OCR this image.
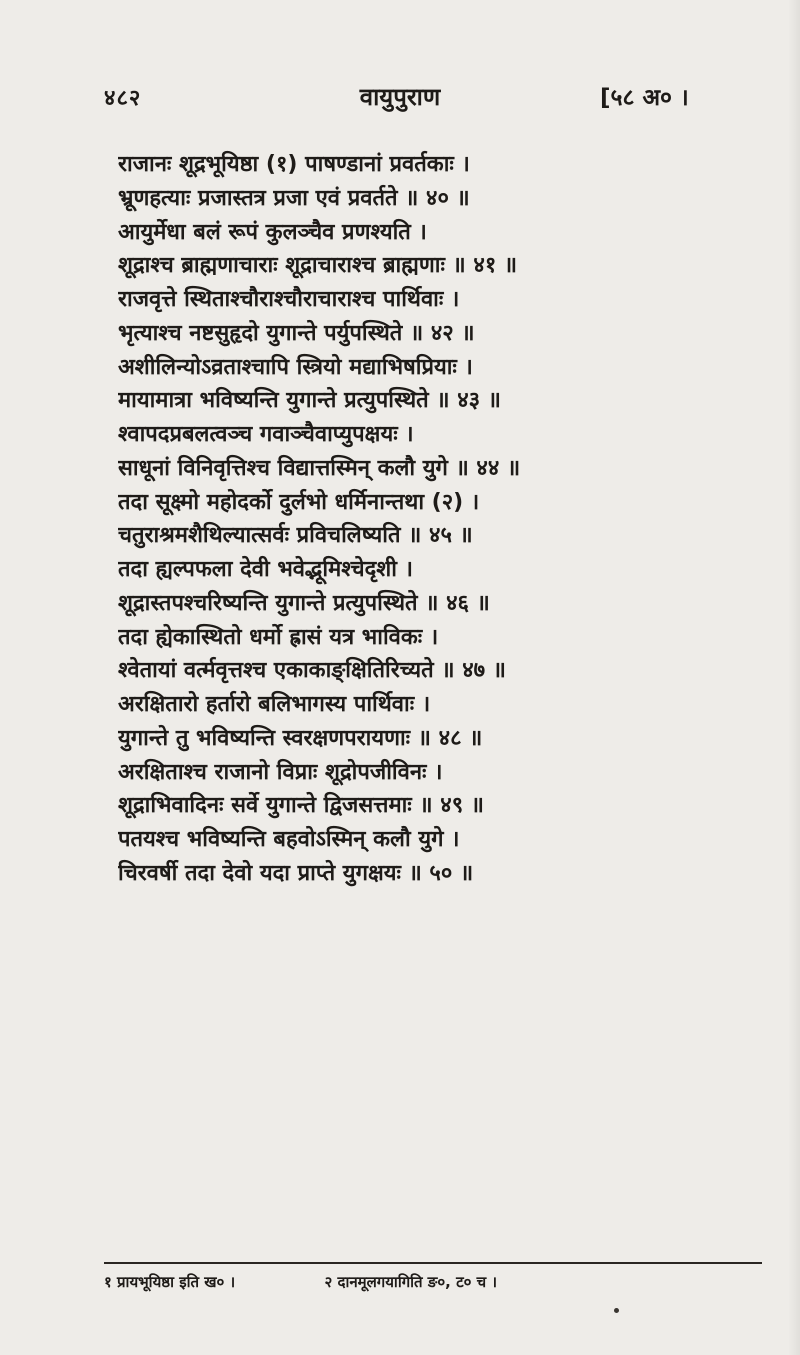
४८२	वायुपुराण	[५८ अ० ।
राजानः शूद्रभूयिष्ठा (१) पाषण्डानां प्रवर्तकाः ।
भ्रूणहत्याः प्रजास्तत्र प्रजा एवं प्रवर्तते ॥ ४० ॥
आयुर्मेधा बलं रूपं कुलञ्चैव प्रणश्यति ।
शूद्राश्च ब्राह्मणाचाराः शूद्राचाराश्च ब्राह्मणाः ॥ ४१ ॥
राजवृत्ते स्थिताश्चौराश्चौराचाराश्च पार्थिवाः ।
भृत्याश्च नष्टसुहृदो युगान्ते पर्युपस्थिते ॥ ४२ ॥
अशीलिन्योऽव्रताश्चापि स्त्रियो मद्याभिषप्रियाः ।
मायामात्रा भविष्यन्ति युगान्ते प्रत्युपस्थिते ॥ ४३ ॥
श्वापदप्रबलत्वञ्च गवाञ्चैवाप्युपक्षयः ।
साधूनां विनिवृत्तिश्च विद्यात्तस्मिन् कलौ युगे ॥ ४४ ॥
तदा सूक्ष्मो महोदर्को दुर्लभो धर्मिनान्तथा (२) ।
चतुराश्रमशैथिल्यात्सर्वः प्रविचलिष्यति ॥ ४५ ॥
तदा ह्यल्पफला देवी भवेद्भूमिश्चेदृशी ।
शूद्रास्तपश्चरिष्यन्ति युगान्ते प्रत्युपस्थिते ॥ ४६ ॥
तदा ह्येकास्थितो धर्मो ह्रासं यत्र भाविकः ।
श्वेतायां वर्त्मवृत्तश्च एकाकाङ्क्षितिरिच्यते ॥ ४७ ॥
अरक्षितारो हर्तारो बलिभागस्य पार्थिवाः ।
युगान्ते तु भविष्यन्ति स्वरक्षणपरायणाः ॥ ४८ ॥
अरक्षिताश्च राजानो विप्राः शूद्रोपजीविनः ।
शूद्राभिवादिनः सर्वे युगान्ते द्विजसत्तमाः ॥ ४९ ॥
पतयश्च भविष्यन्ति बहवोऽस्मिन् कलौ युगे ।
चिरवर्षी तदा देवो यदा प्राप्ते युगक्षयः ॥ ५० ॥
१ प्रायभूयिष्ठा इति ख० ।	२ दानमूलगयागिति ङ०, ट० च ।
